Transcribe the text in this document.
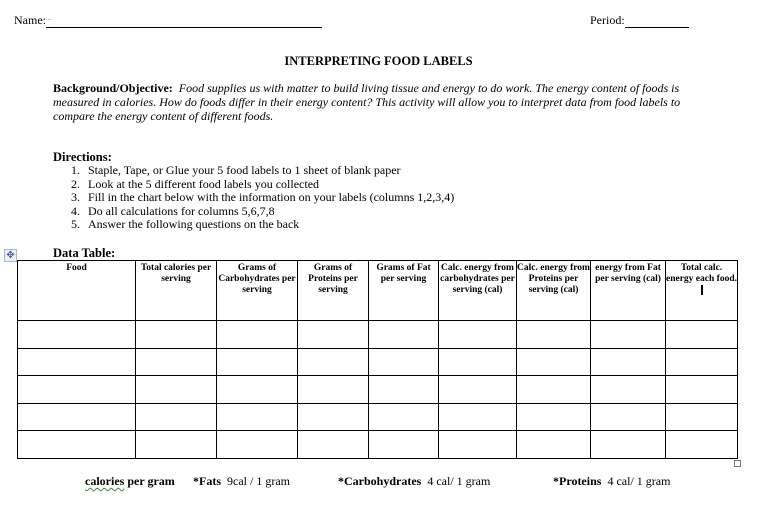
Name:...	Period:
INTERPRETING FOOD LABELS
Background/Objective: Food supplies us with matter to build living tissue and energy to do work. The energy content of foods is
measured in calories. How do foods differ in their energy content? This activity will allow you to interpret data from food labels to
compare the energy content of different foods.
Directions:
1. Staple, Tape, or Glue your 5 food labels to 1 sheet of blank paper
2. Look at the 5 different food labels you collected
3. Fill in the chart below with the information on your labels (columns 1,2,3,4)
4. Do all calculations for columns 5,6,7,8
5. Answer the following questions on the back
Data Table:
✥
Food	Total calories per serving	Grams of Carbohydrates per serving	Grams of Proteins per serving	Grams of Fat per serving	Calc. energy from carbohydrates per serving (cal)	Calc. energy from Proteins per serving (cal)	energy from Fat per serving (cal)	Total calc. energy each food.

calories per gram *Fats 9cal / 1 gram	*Carbohydrates 4 cal/ 1 gram	*Proteins 4 cal/ 1 gram
